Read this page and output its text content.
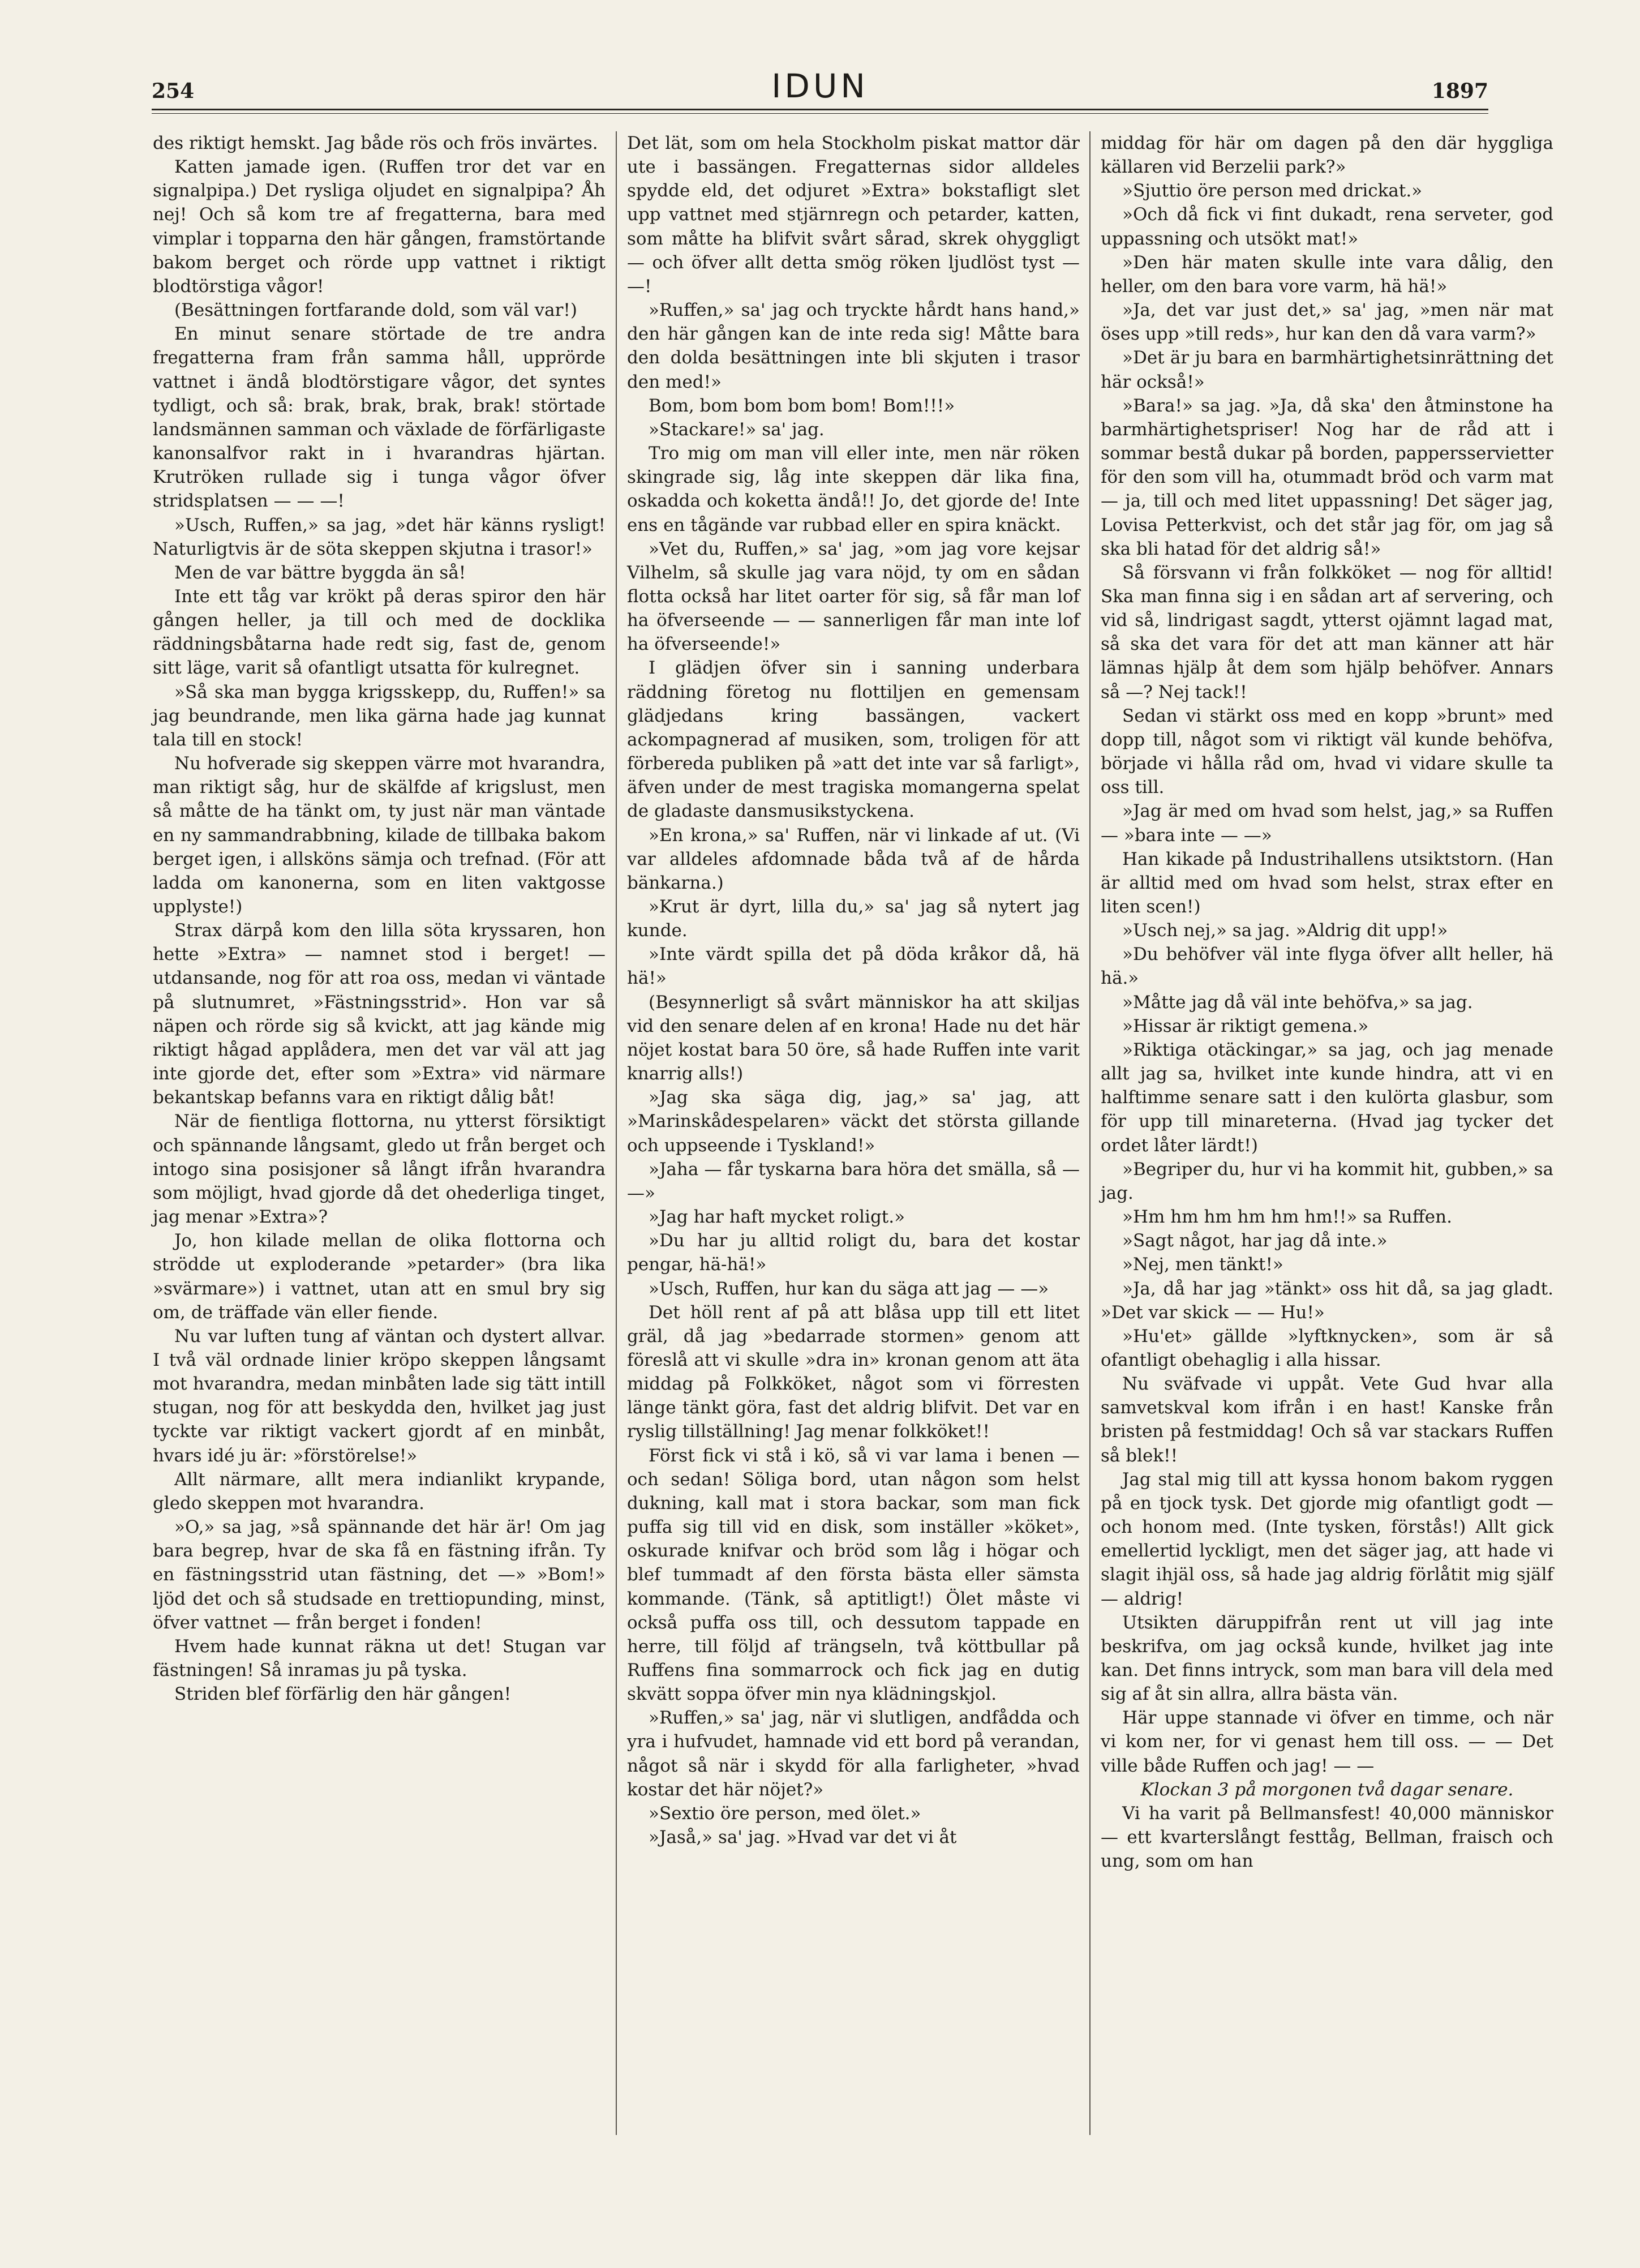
254	IDUN	1897

des riktigt hemskt. Jag både rös och frös invärtes.

Katten jamade igen. (Ruffen tror det var en signalpipa.) Det rysliga oljudet en signalpipa? Åh nej! Och så kom tre af fregatterna, bara med vimplar i topparna den här gången, framstörtande bakom berget och rörde upp vattnet i riktigt blodtörstiga vågor!

(Besättningen fortfarande dold, som väl var!)

En minut senare störtade de tre andra fregatterna fram från samma håll, upprörde vattnet i ändå blodtörstigare vågor, det syntes tydligt, och så: brak, brak, brak, brak! störtade landsmännen samman och växlade de förfärligaste kanonsalfvor rakt in i hvarandras hjärtan. Krutröken rullade sig i tunga vågor öfver stridsplatsen — — —!

»Usch, Ruffen,» sa jag, »det här känns rysligt! Naturligtvis är de söta skeppen skjutna i trasor!»

Men de var bättre byggda än så!

Inte ett tåg var krökt på deras spiror den här gången heller, ja till och med de docklika räddningsbåtarna hade redt sig, fast de, genom sitt läge, varit så ofantligt utsatta för kulregnet.

»Så ska man bygga krigsskepp, du, Ruffen!» sa jag beundrande, men lika gärna hade jag kunnat tala till en stock!

Nu hofverade sig skeppen värre mot hvarandra, man riktigt såg, hur de skälfde af krigslust, men så måtte de ha tänkt om, ty just när man väntade en ny sammandrabbning, kilade de tillbaka bakom berget igen, i allsköns sämja och trefnad. (För att ladda om kanonerna, som en liten vaktgosse upplyste!)

Strax därpå kom den lilla söta kryssaren, hon hette »Extra» — namnet stod i berget! — utdansande, nog för att roa oss, medan vi väntade på slutnumret, »Fästningsstrid». Hon var så näpen och rörde sig så kvickt, att jag kände mig riktigt hågad applådera, men det var väl att jag inte gjorde det, efter som »Extra» vid närmare bekantskap befanns vara en riktigt dålig båt!

När de fientliga flottorna, nu ytterst försiktigt och spännande långsamt, gledo ut från berget och intogo sina posisjoner så långt ifrån hvarandra som möjligt, hvad gjorde då det ohederliga tinget, jag menar »Extra»?

Jo, hon kilade mellan de olika flottorna och strödde ut exploderande »petarder» (bra lika »svärmare») i vattnet, utan att en smul bry sig om, de träffade vän eller fiende.

Nu var luften tung af väntan och dystert allvar. I två väl ordnade linier kröpo skeppen långsamt mot hvarandra, medan minbåten lade sig tätt intill stugan, nog för att beskydda den, hvilket jag just tyckte var riktigt vackert gjordt af en minbåt, hvars idé ju är: »förstörelse!»

Allt närmare, allt mera indianlikt krypande, gledo skeppen mot hvarandra.

»O,» sa jag, »så spännande det här är! Om jag bara begrep, hvar de ska få en fästning ifrån. Ty en fästningsstrid utan fästning, det —» »Bom!» ljöd det och så studsade en trettiopunding, minst, öfver vattnet — från berget i fonden!

Hvem hade kunnat räkna ut det! Stugan var fästningen! Så inramas ju på tyska.

Striden blef förfärlig den här gången!

Det lät, som om hela Stockholm piskat mattor där ute i bassängen. Fregatternas sidor alldeles spydde eld, det odjuret »Extra» bokstafligt slet upp vattnet med stjärnregn och petarder, katten, som måtte ha blifvit svårt sårad, skrek ohyggligt — och öfver allt detta smög röken ljudlöst tyst — —!

»Ruffen,» sa' jag och tryckte hårdt hans hand,» den här gången kan de inte reda sig! Måtte bara den dolda besättningen inte bli skjuten i trasor den med!»

Bom, bom bom bom bom! Bom!!!»

»Stackare!» sa' jag.

Tro mig om man vill eller inte, men när röken skingrade sig, låg inte skeppen där lika fina, oskadda och koketta ändå!! Jo, det gjorde de! Inte ens en tågände var rubbad eller en spira knäckt.

»Vet du, Ruffen,» sa' jag, »om jag vore kejsar Vilhelm, så skulle jag vara nöjd, ty om en sådan flotta också har litet oarter för sig, så får man lof ha öfverseende — — sannerligen får man inte lof ha öfverseende!»

I glädjen öfver sin i sanning underbara räddning företog nu flottiljen en gemensam glädjedans kring bassängen, vackert ackompagnerad af musiken, som, troligen för att förbereda publiken på »att det inte var så farligt», äfven under de mest tragiska momangerna spelat de gladaste dansmusikstyckena.

»En krona,» sa' Ruffen, när vi linkade af ut. (Vi var alldeles afdomnade båda två af de hårda bänkarna.)

»Krut är dyrt, lilla du,» sa' jag så nytert jag kunde.

»Inte värdt spilla det på döda kråkor då, hä hä!»

(Besynnerligt så svårt människor ha att skiljas vid den senare delen af en krona! Hade nu det här nöjet kostat bara 50 öre, så hade Ruffen inte varit knarrig alls!)

»Jag ska säga dig, jag,» sa' jag, att »Marinskådespelaren» väckt det största gillande och uppseende i Tyskland!»

»Jaha — får tyskarna bara höra det smälla, så — —»

»Jag har haft mycket roligt.»

»Du har ju alltid roligt du, bara det kostar pengar, hä-hä!»

»Usch, Ruffen, hur kan du säga att jag — —»

Det höll rent af på att blåsa upp till ett litet gräl, då jag »bedarrade stormen» genom att föreslå att vi skulle »dra in» kronan genom att äta middag på Folkköket, något som vi förresten länge tänkt göra, fast det aldrig blifvit. Det var en ryslig tillställning! Jag menar folkköket!!

Först fick vi stå i kö, så vi var lama i benen — och sedan! Söliga bord, utan någon som helst dukning, kall mat i stora backar, som man fick puffa sig till vid en disk, som inställer »köket», oskurade knifvar och bröd som låg i högar och blef tummadt af den första bästa eller sämsta kommande. (Tänk, så aptitligt!) Ölet måste vi också puffa oss till, och dessutom tappade en herre, till följd af trängseln, två köttbullar på Ruffens fina sommarrock och fick jag en dutig skvätt soppa öfver min nya klädningskjol.

»Ruffen,» sa' jag, när vi slutligen, andfådda och yra i hufvudet, hamnade vid ett bord på verandan, något så när i skydd för alla farligheter, »hvad kostar det här nöjet?»

»Sextio öre person, med ölet.»

»Jaså,» sa' jag. »Hvad var det vi åt

middag för här om dagen på den där hyggliga källaren vid Berzelii park?»

»Sjuttio öre person med drickat.»

»Och då fick vi fint dukadt, rena serveter, god uppassning och utsökt mat!»

»Den här maten skulle inte vara dålig, den heller, om den bara vore varm, hä hä!»

»Ja, det var just det,» sa' jag, »men när mat öses upp »till reds», hur kan den då vara varm?»

»Det är ju bara en barmhärtighetsinrättning det här också!»

»Bara!» sa jag. »Ja, då ska' den åtminstone ha barmhärtighetspriser! Nog har de råd att i sommar bestå dukar på borden, pappersservietter för den som vill ha, otummadt bröd och varm mat — ja, till och med litet uppassning! Det säger jag, Lovisa Petterkvist, och det står jag för, om jag så ska bli hatad för det aldrig så!»

Så försvann vi från folkköket — nog för alltid! Ska man finna sig i en sådan art af servering, och vid så, lindrigast sagdt, ytterst ojämnt lagad mat, så ska det vara för det att man känner att här lämnas hjälp åt dem som hjälp behöfver. Annars så —? Nej tack!!

Sedan vi stärkt oss med en kopp »brunt» med dopp till, något som vi riktigt väl kunde behöfva, började vi hålla råd om, hvad vi vidare skulle ta oss till.

»Jag är med om hvad som helst, jag,» sa Ruffen — »bara inte — —»

Han kikade på Industrihallens utsiktstorn. (Han är alltid med om hvad som helst, strax efter en liten scen!)

»Usch nej,» sa jag. »Aldrig dit upp!»

»Du behöfver väl inte flyga öfver allt heller, hä hä.»

»Måtte jag då väl inte behöfva,» sa jag.

»Hissar är riktigt gemena.»

»Riktiga otäckingar,» sa jag, och jag menade allt jag sa, hvilket inte kunde hindra, att vi en halftimme senare satt i den kulörta glasbur, som för upp till minareterna. (Hvad jag tycker det ordet låter lärdt!)

»Begriper du, hur vi ha kommit hit, gubben,» sa jag.

»Hm hm hm hm hm hm!!» sa Ruffen.

»Sagt något, har jag då inte.»

»Nej, men tänkt!»

»Ja, då har jag »tänkt» oss hit då, sa jag gladt. »Det var skick — — Hu!»

»Hu'et» gällde »lyftknycken», som är så ofantligt obehaglig i alla hissar.

Nu sväfvade vi uppåt. Vete Gud hvar alla samvetskval kom ifrån i en hast! Kanske från bristen på festmiddag! Och så var stackars Ruffen så blek!!

Jag stal mig till att kyssa honom bakom ryggen på en tjock tysk. Det gjorde mig ofantligt godt — och honom med. (Inte tysken, förstås!) Allt gick emellertid lyckligt, men det säger jag, att hade vi slagit ihjäl oss, så hade jag aldrig förlåtit mig själf — aldrig!

Utsikten däruppifrån rent ut vill jag inte beskrifva, om jag också kunde, hvilket jag inte kan. Det finns intryck, som man bara vill dela med sig af åt sin allra, allra bästa vän.

Här uppe stannade vi öfver en timme, och när vi kom ner, for vi genast hem till oss. — — Det ville både Ruffen och jag! — —

Klockan 3 på morgonen två dagar senare.

Vi ha varit på Bellmansfest! 40,000 människor — ett kvarterslångt festtåg, Bellman, fraisch och ung, som om han
